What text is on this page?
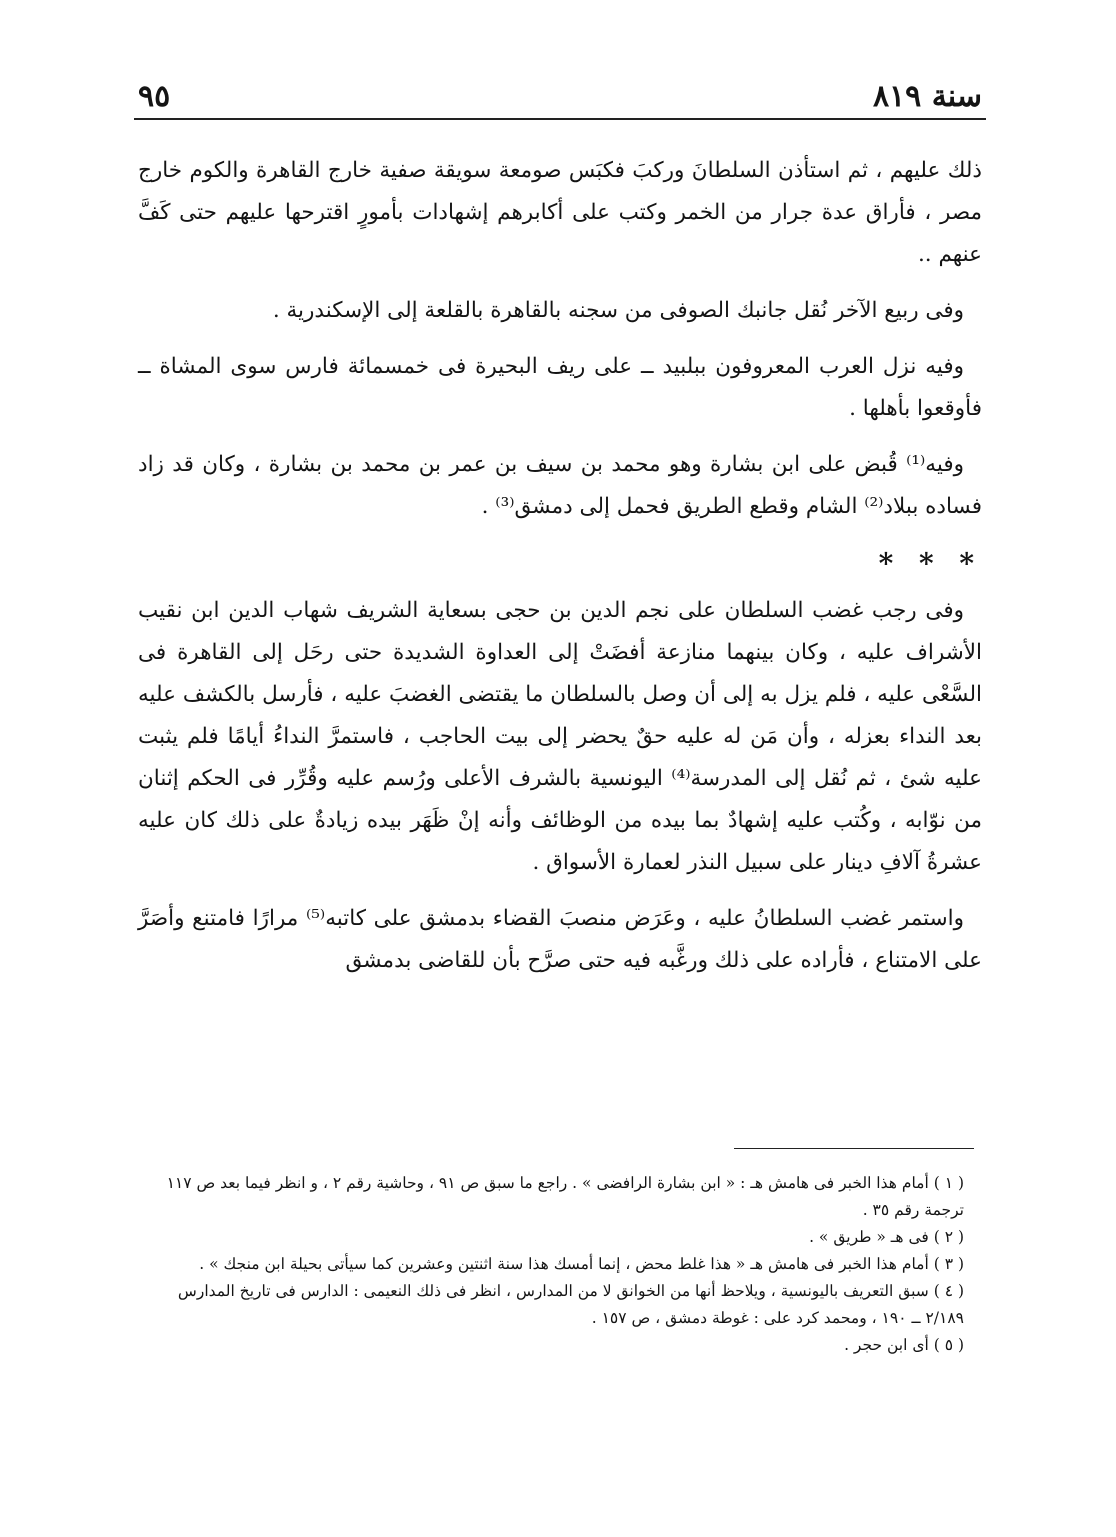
سنة ٨١٩
٩٥

ذلك عليهم ، ثم استأذن السلطانَ وركبَ فكبَس صومعة سويقة صفية خارج القاهرة والكوم خارج مصر ، فأراق عدة جرار من الخمر وكتب على أكابرهم إشهادات بأمورٍ اقترحها عليهم حتى كَفَّ عنهم ..

وفى ربيع الآخر نُقل جانبك الصوفى من سجنه بالقاهرة بالقلعة إلى الإسكندرية .

وفيه نزل العرب المعروفون ببلبيد ــ على ريف البحيرة فى خمسمائة فارس سوى المشاة ــ فأوقعوا بأهلها .

وفيه⁽¹⁾ قُبض على ابن بشارة وهو محمد بن سيف بن عمر بن محمد بن بشارة ، وكان قد زاد فساده ببلاد⁽²⁾ الشام وقطع الطريق فحمل إلى دمشق⁽³⁾ .

* * *

وفى رجب غضب السلطان على نجم الدين بن حجى بسعاية الشريف شهاب الدين ابن نقيب الأشراف عليه ، وكان بينهما منازعة أفضَتْ إلى العداوة الشديدة حتى رحَل إلى القاهرة فى السَّعْى عليه ، فلم يزل به إلى أن وصل بالسلطان ما يقتضى الغضبَ عليه ، فأرسل بالكشف عليه بعد النداء بعزله ، وأن مَن له عليه حقٌ يحضر إلى بيت الحاجب ، فاستمرَّ النداءُ أيامًا فلم يثبت عليه شئ ، ثم نُقل إلى المدرسة⁽⁴⁾ اليونسية بالشرف الأعلى ورُسم عليه وقُرِّر فى الحكم إثنان من نوّابه ، وكُتب عليه إشهادٌ بما بيده من الوظائف وأنه إنْ ظَهَر بيده زيادةٌ على ذلك كان عليه عشرةُ آلافِ دينار على سبيل النذر لعمارة الأسواق .

واستمر غضب السلطانُ عليه ، وعَرَض منصبَ القضاء بدمشق على كاتبه⁽⁵⁾ مرارًا فامتنع وأصَرَّ على الامتناع ، فأراده على ذلك ورغَّبه فيه حتى صرَّح بأن للقاضى بدمشق

( ١ ) أمام هذا الخبر فى هامش هـ : « ابن بشارة الرافضى » . راجع ما سبق ص ٩١ ، وحاشية رقم ٢ ، و انظر فيما بعد ص ١١٧ ترجمة رقم ٣٥ .

( ٢ ) فى هـ « طريق » .

( ٣ ) أمام هذا الخبر فى هامش هـ « هذا غلط محض ، إنما أمسك هذا سنة اثنتين وعشرين كما سيأتى بحيلة ابن منجك » .

( ٤ ) سبق التعريف باليونسية ، ويلاحظ أنها من الخوانق لا من المدارس ، انظر فى ذلك النعيمى : الدارس فى تاريخ المدارس ٢/١٨٩ ــ ١٩٠ ، ومحمد كرد على : غوطة دمشق ، ص ١٥٧ .

( ٥ ) أى ابن حجر .
